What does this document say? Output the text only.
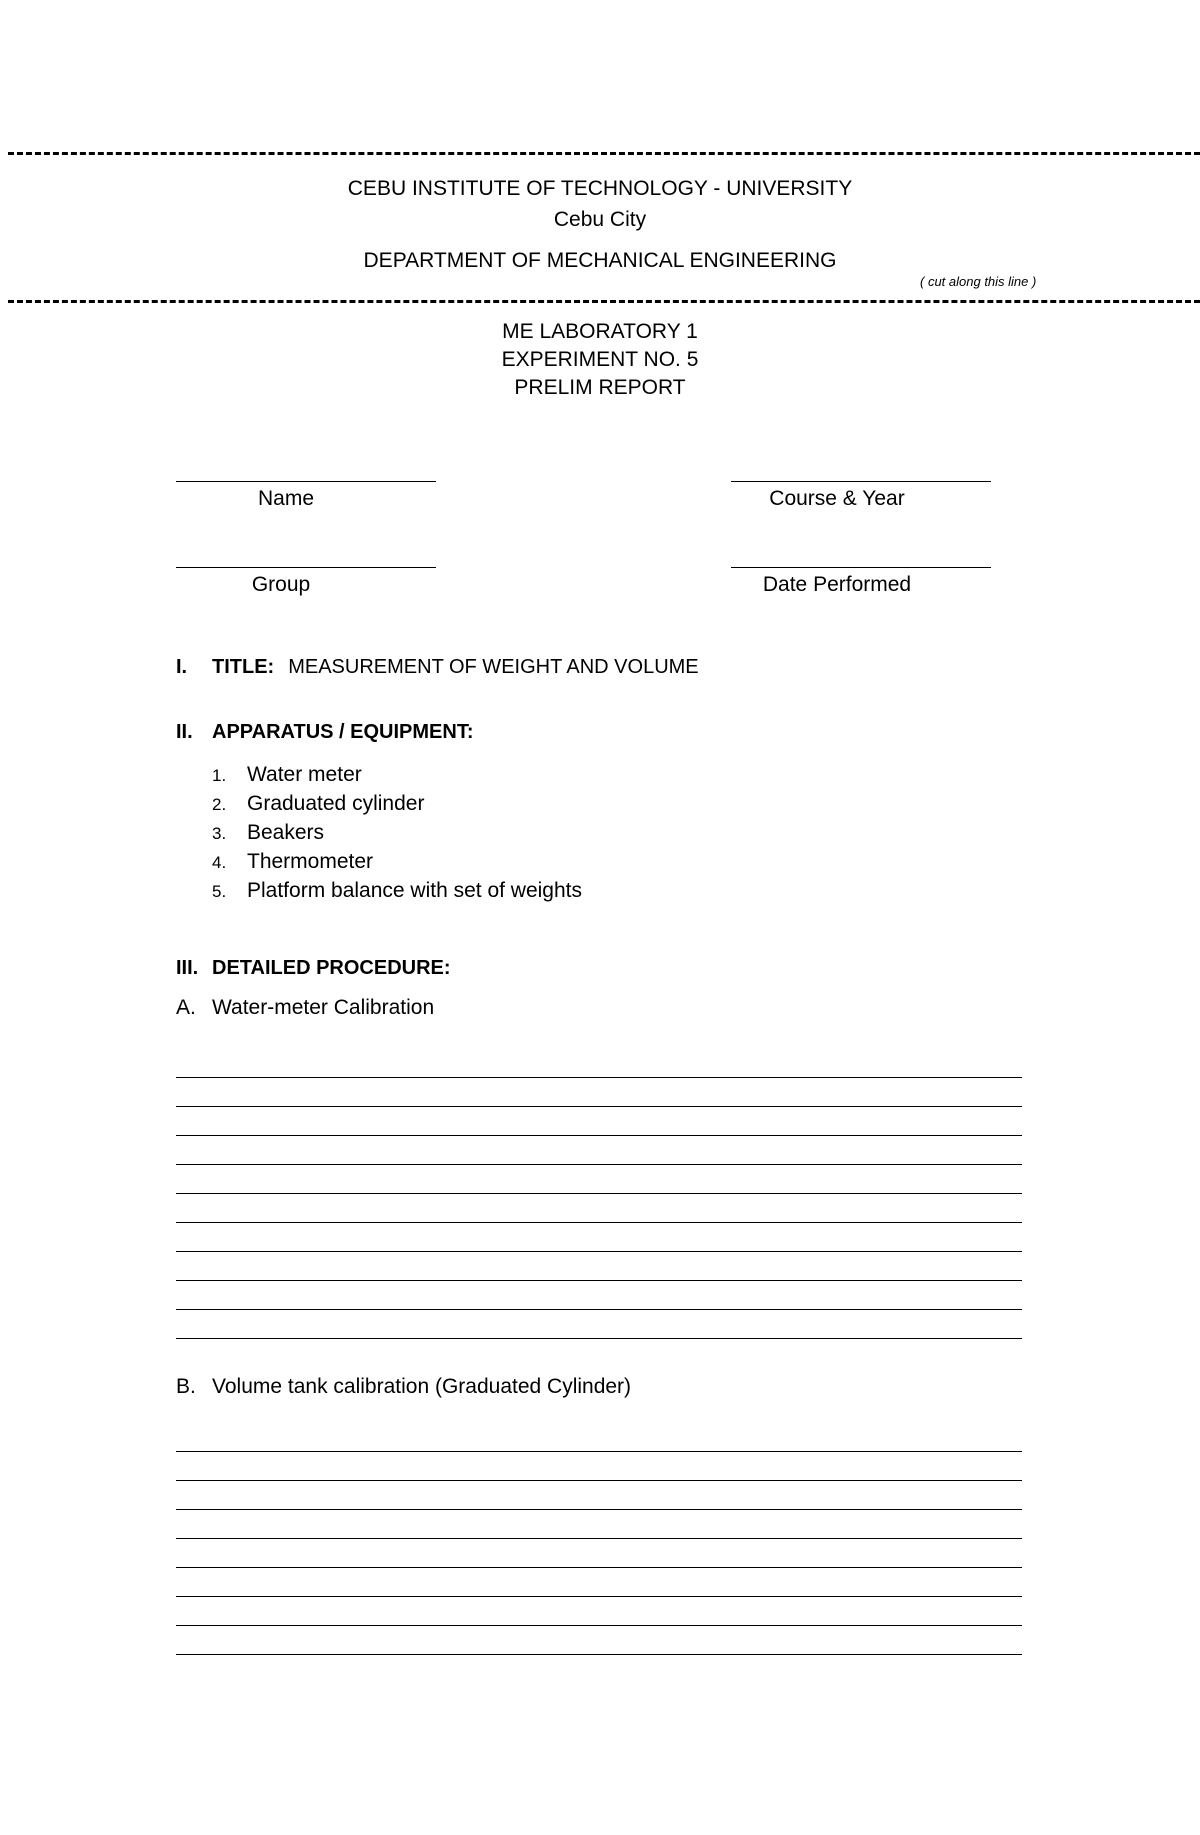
CEBU INSTITUTE OF TECHNOLOGY - UNIVERSITY
Cebu City
DEPARTMENT OF MECHANICAL ENGINEERING
( cut along this line )
ME LABORATORY 1
EXPERIMENT NO. 5
PRELIM REPORT
Name	Course & Year
Group	Date Performed
I. TITLE: MEASUREMENT OF WEIGHT AND VOLUME
II. APPARATUS / EQUIPMENT:
1. Water meter
2. Graduated cylinder
3. Beakers
4. Thermometer
5. Platform balance with set of weights
III. DETAILED PROCEDURE:
A. Water-meter Calibration
B. Volume tank calibration (Graduated Cylinder)
